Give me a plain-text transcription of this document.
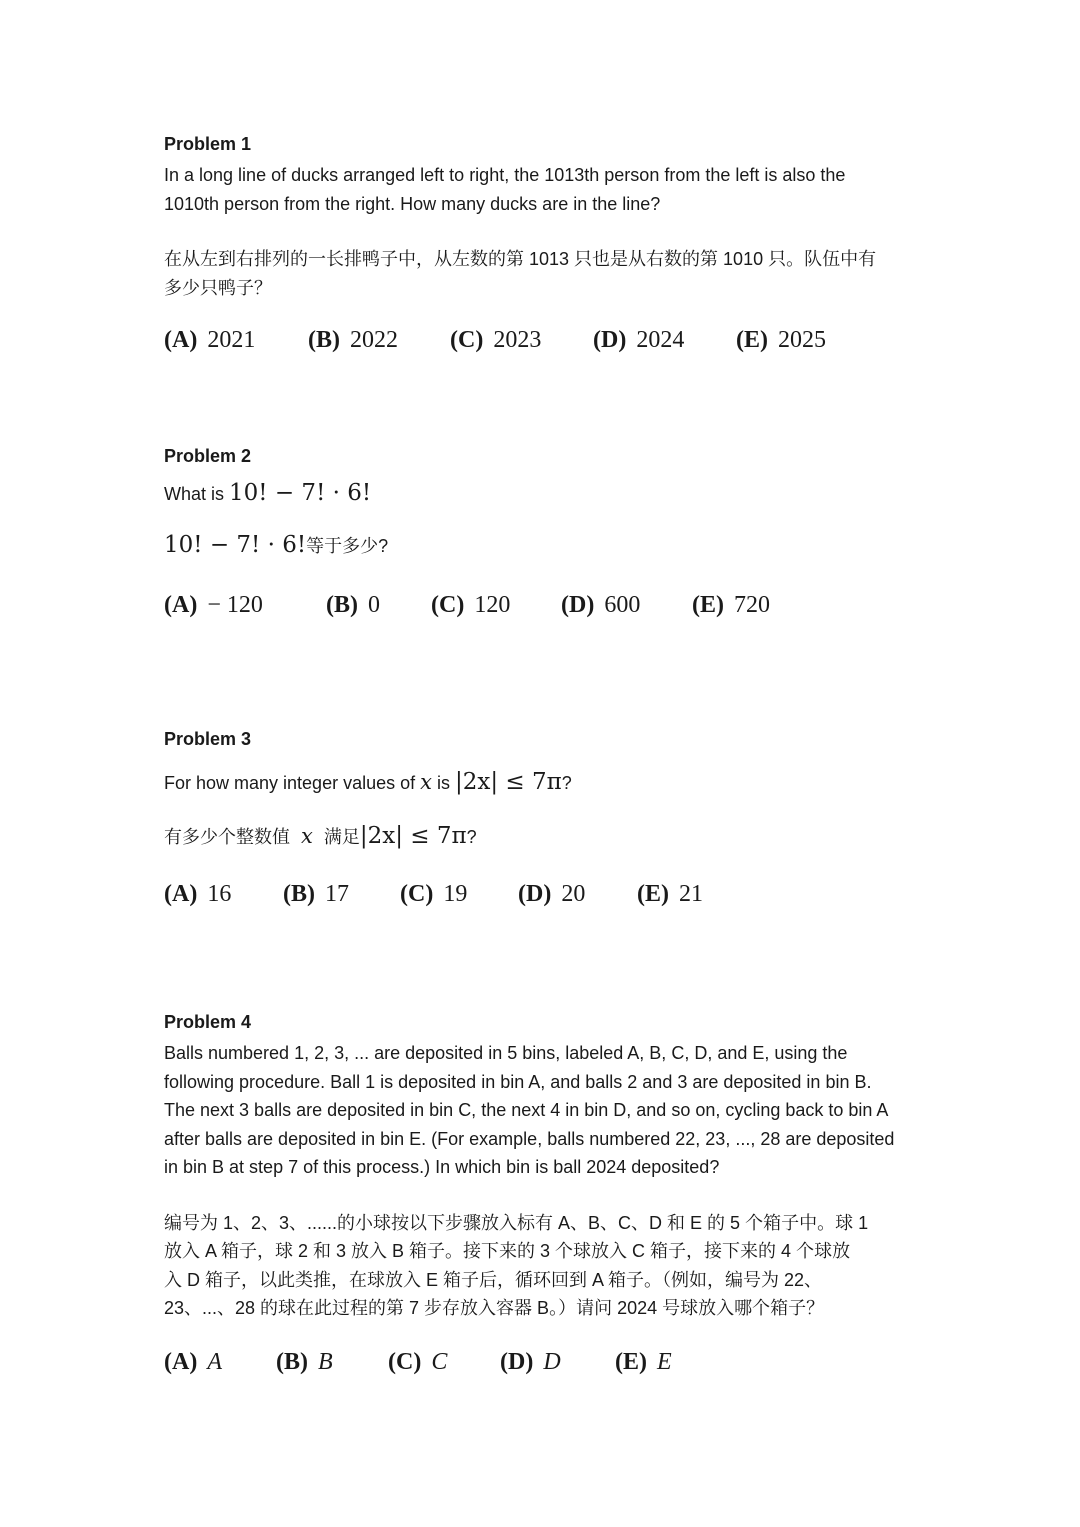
Problem 1

In a long line of ducks arranged left to right, the 1013th person from the left is also the

1010th person from the right. How many ducks are in the line?

在从左到右排列的一长排鸭子中，从左数的第 1013 只也是从右数的第 1010 只。队伍中有

多少只鸭子？

(A) 2021	(B) 2022	(C) 2023	(D) 2024	(E) 2025

Problem 2

What is 10! − 7! · 6!

10! − 7! · 6!等于多少?

(A) − 120	(B) 0	(C) 120	(D) 600	(E) 720

Problem 3

For how many integer values of x is |2x| ≤ 7π?

有多少个整数值 x 满足|2x| ≤ 7π?

(A) 16	(B) 17	(C) 19	(D) 20	(E) 21

Problem 4

Balls numbered 1, 2, 3, ... are deposited in 5 bins, labeled A, B, C, D, and E, using the

following procedure. Ball 1 is deposited in bin A, and balls 2 and 3 are deposited in bin B.

The next 3 balls are deposited in bin C, the next 4 in bin D, and so on, cycling back to bin A

after balls are deposited in bin E. (For example, balls numbered 22, 23, ..., 28 are deposited

in bin B at step 7 of this process.) In which bin is ball 2024 deposited?

编号为 1、2、3、......的小球按以下步骤放入标有 A、B、C、D 和 E 的 5 个箱子中。球 1

放入 A 箱子，球 2 和 3 放入 B 箱子。接下来的 3 个球放入 C 箱子，接下来的 4 个球放

入 D 箱子，以此类推，在球放入 E 箱子后，循环回到 A 箱子。（例如，编号为 22、

23、...、28 的球在此过程的第 7 步存放入容器 B。）请问 2024 号球放入哪个箱子？

(A) A	(B) B	(C) C	(D) D	(E) E
